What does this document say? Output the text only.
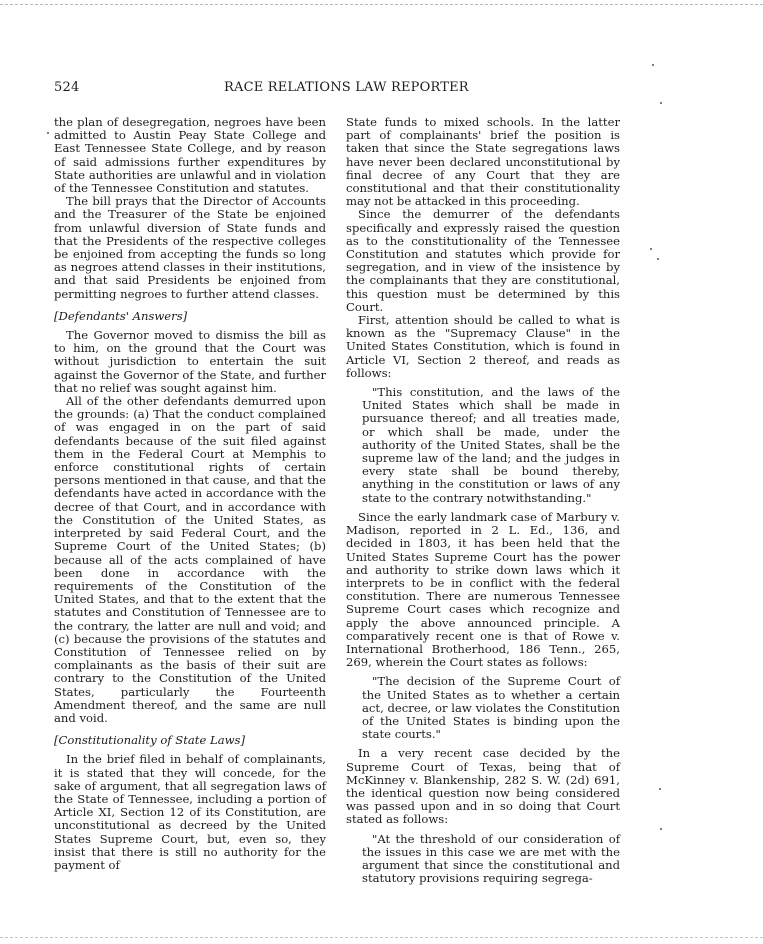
524	RACE RELATIONS LAW REPORTER

the plan of desegregation, negroes have been admitted to Austin Peay State College and East Tennessee State College, and by reason of said admissions further expenditures by State authorities are unlawful and in violation of the Tennessee Constitution and statutes.

The bill prays that the Director of Accounts and the Treasurer of the State be enjoined from unlawful diversion of State funds and that the Presidents of the respective colleges be enjoined from accepting the funds so long as negroes attend classes in their institutions, and that said Presidents be enjoined from permitting negroes to further attend classes.

[Defendants' Answers]

The Governor moved to dismiss the bill as to him, on the ground that the Court was without jurisdiction to entertain the suit against the Governor of the State, and further that no relief was sought against him.

All of the other defendants demurred upon the grounds: (a) That the conduct complained of was engaged in on the part of said defendants because of the suit filed against them in the Federal Court at Memphis to enforce constitutional rights of certain persons mentioned in that cause, and that the defendants have acted in accordance with the decree of that Court, and in accordance with the Constitution of the United States, as interpreted by said Federal Court, and the Supreme Court of the United States; (b) because all of the acts complained of have been done in accordance with the requirements of the Constitution of the United States, and that to the extent that the statutes and Constitution of Tennessee are to the contrary, the latter are null and void; and (c) because the provisions of the statutes and Constitution of Tennessee relied on by complainants as the basis of their suit are contrary to the Constitution of the United States, particularly the Fourteenth Amendment thereof, and the same are null and void.

[Constitutionality of State Laws]

In the brief filed in behalf of complainants, it is stated that they will concede, for the sake of argument, that all segregation laws of the State of Tennessee, including a portion of Article XI, Section 12 of its Constitution, are unconstitutional as decreed by the United States Supreme Court, but, even so, they insist that there is still no authority for the payment of

State funds to mixed schools. In the latter part of complainants' brief the position is taken that since the State segregations laws have never been declared unconstitutional by final decree of any Court that they are constitutional and that their constitutionality may not be attacked in this proceeding.

Since the demurrer of the defendants specifically and expressly raised the question as to the constitutionality of the Tennessee Constitution and statutes which provide for segregation, and in view of the insistence by the complainants that they are constitutional, this question must be determined by this Court.

First, attention should be called to what is known as the "Supremacy Clause" in the United States Constitution, which is found in Article VI, Section 2 thereof, and reads as follows:

"This constitution, and the laws of the United States which shall be made in pursuance thereof; and all treaties made, or which shall be made, under the authority of the United States, shall be the supreme law of the land; and the judges in every state shall be bound thereby, anything in the constitution or laws of any state to the contrary notwithstanding."

Since the early landmark case of Marbury v. Madison, reported in 2 L. Ed., 136, and decided in 1803, it has been held that the United States Supreme Court has the power and authority to strike down laws which it interprets to be in conflict with the federal constitution. There are numerous Tennessee Supreme Court cases which recognize and apply the above announced principle. A comparatively recent one is that of Rowe v. International Brotherhood, 186 Tenn., 265, 269, wherein the Court states as follows:

"The decision of the Supreme Court of the United States as to whether a certain act, decree, or law violates the Constitution of the United States is binding upon the state courts."

In a very recent case decided by the Supreme Court of Texas, being that of McKinney v. Blankenship, 282 S. W. (2d) 691, the identical question now being considered was passed upon and in so doing that Court stated as follows:

"At the threshold of our consideration of the issues in this case we are met with the argument that since the constitutional and statutory provisions requiring segrega-
